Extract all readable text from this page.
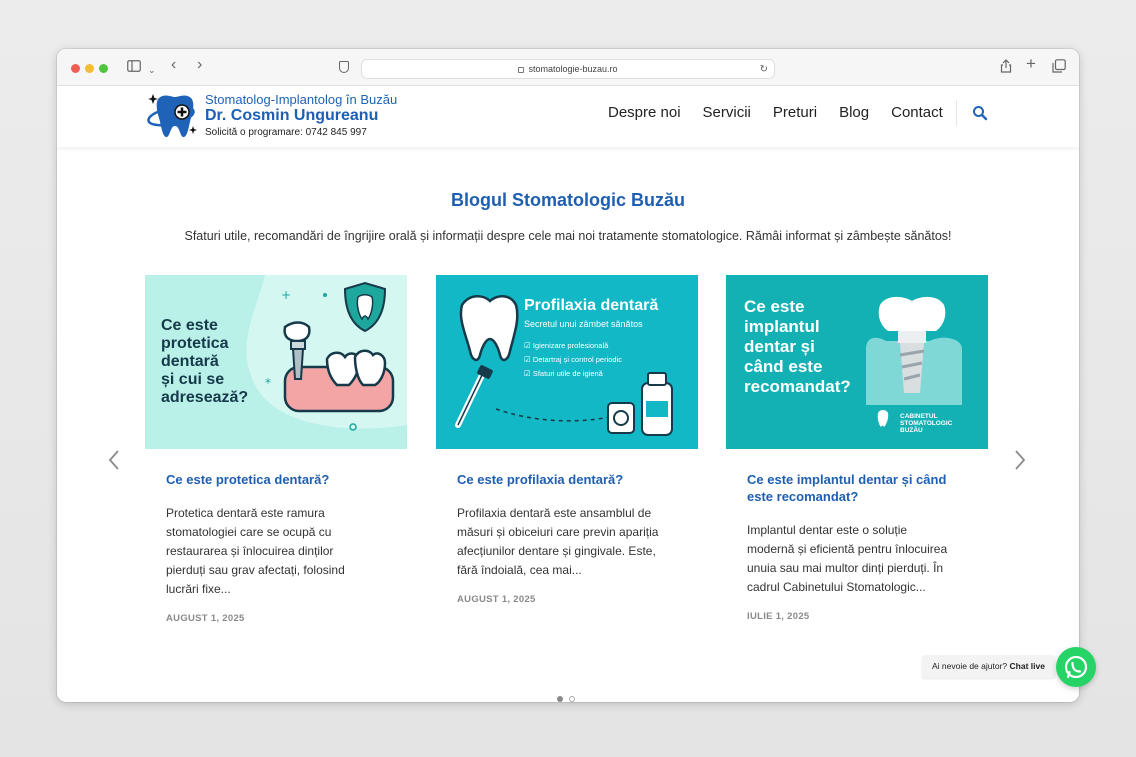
⌄ ‹ ›	stomatologie-buzau.ro	↻	+
Stomatolog-Implantolog în Buzău
Dr. Cosmin Ungureanu
Solicită o programare: 0742 845 997
Despre noi Servicii Preturi Blog Contact
Blogul Stomatologic Buzău
Sfaturi utile, recomandări de îngrijire orală și informații despre cele mai noi tratamente stomatologice. Rămâi informat și zâmbește sănătos!
+
*
Ce este
protetica
dentară
și cui se
adresează?
Ce este protetica dentară?
Protetica dentară este ramura stomatologiei care se ocupă cu restaurarea și înlocuirea dinților pierduți sau grav afectați, folosind lucrări fixe...
AUGUST 1, 2025
Profilaxia dentară
Secretul unui zâmbet sănătos
☑ Igienizare profesională
☑ Detartraj și control periodic
☑ Sfaturi utile de igienă
Ce este profilaxia dentară?
Profilaxia dentară este ansamblul de măsuri și obiceiuri care previn apariția afecțiunilor dentare și gingivale. Este, fără îndoială, cea mai...
AUGUST 1, 2025
Ce este
implantul
dentar și
când este
recomandat?
CABINETUL
STOMATOLOGIC
BUZĂU
Ce este implantul dentar și când este recomandat?
Implantul dentar este o soluție modernă și eficientă pentru înlocuirea unuia sau mai multor dinți pierduți. În cadrul Cabinetului Stomatologic...
IULIE 1, 2025
Ai nevoie de ajutor? Chat live
